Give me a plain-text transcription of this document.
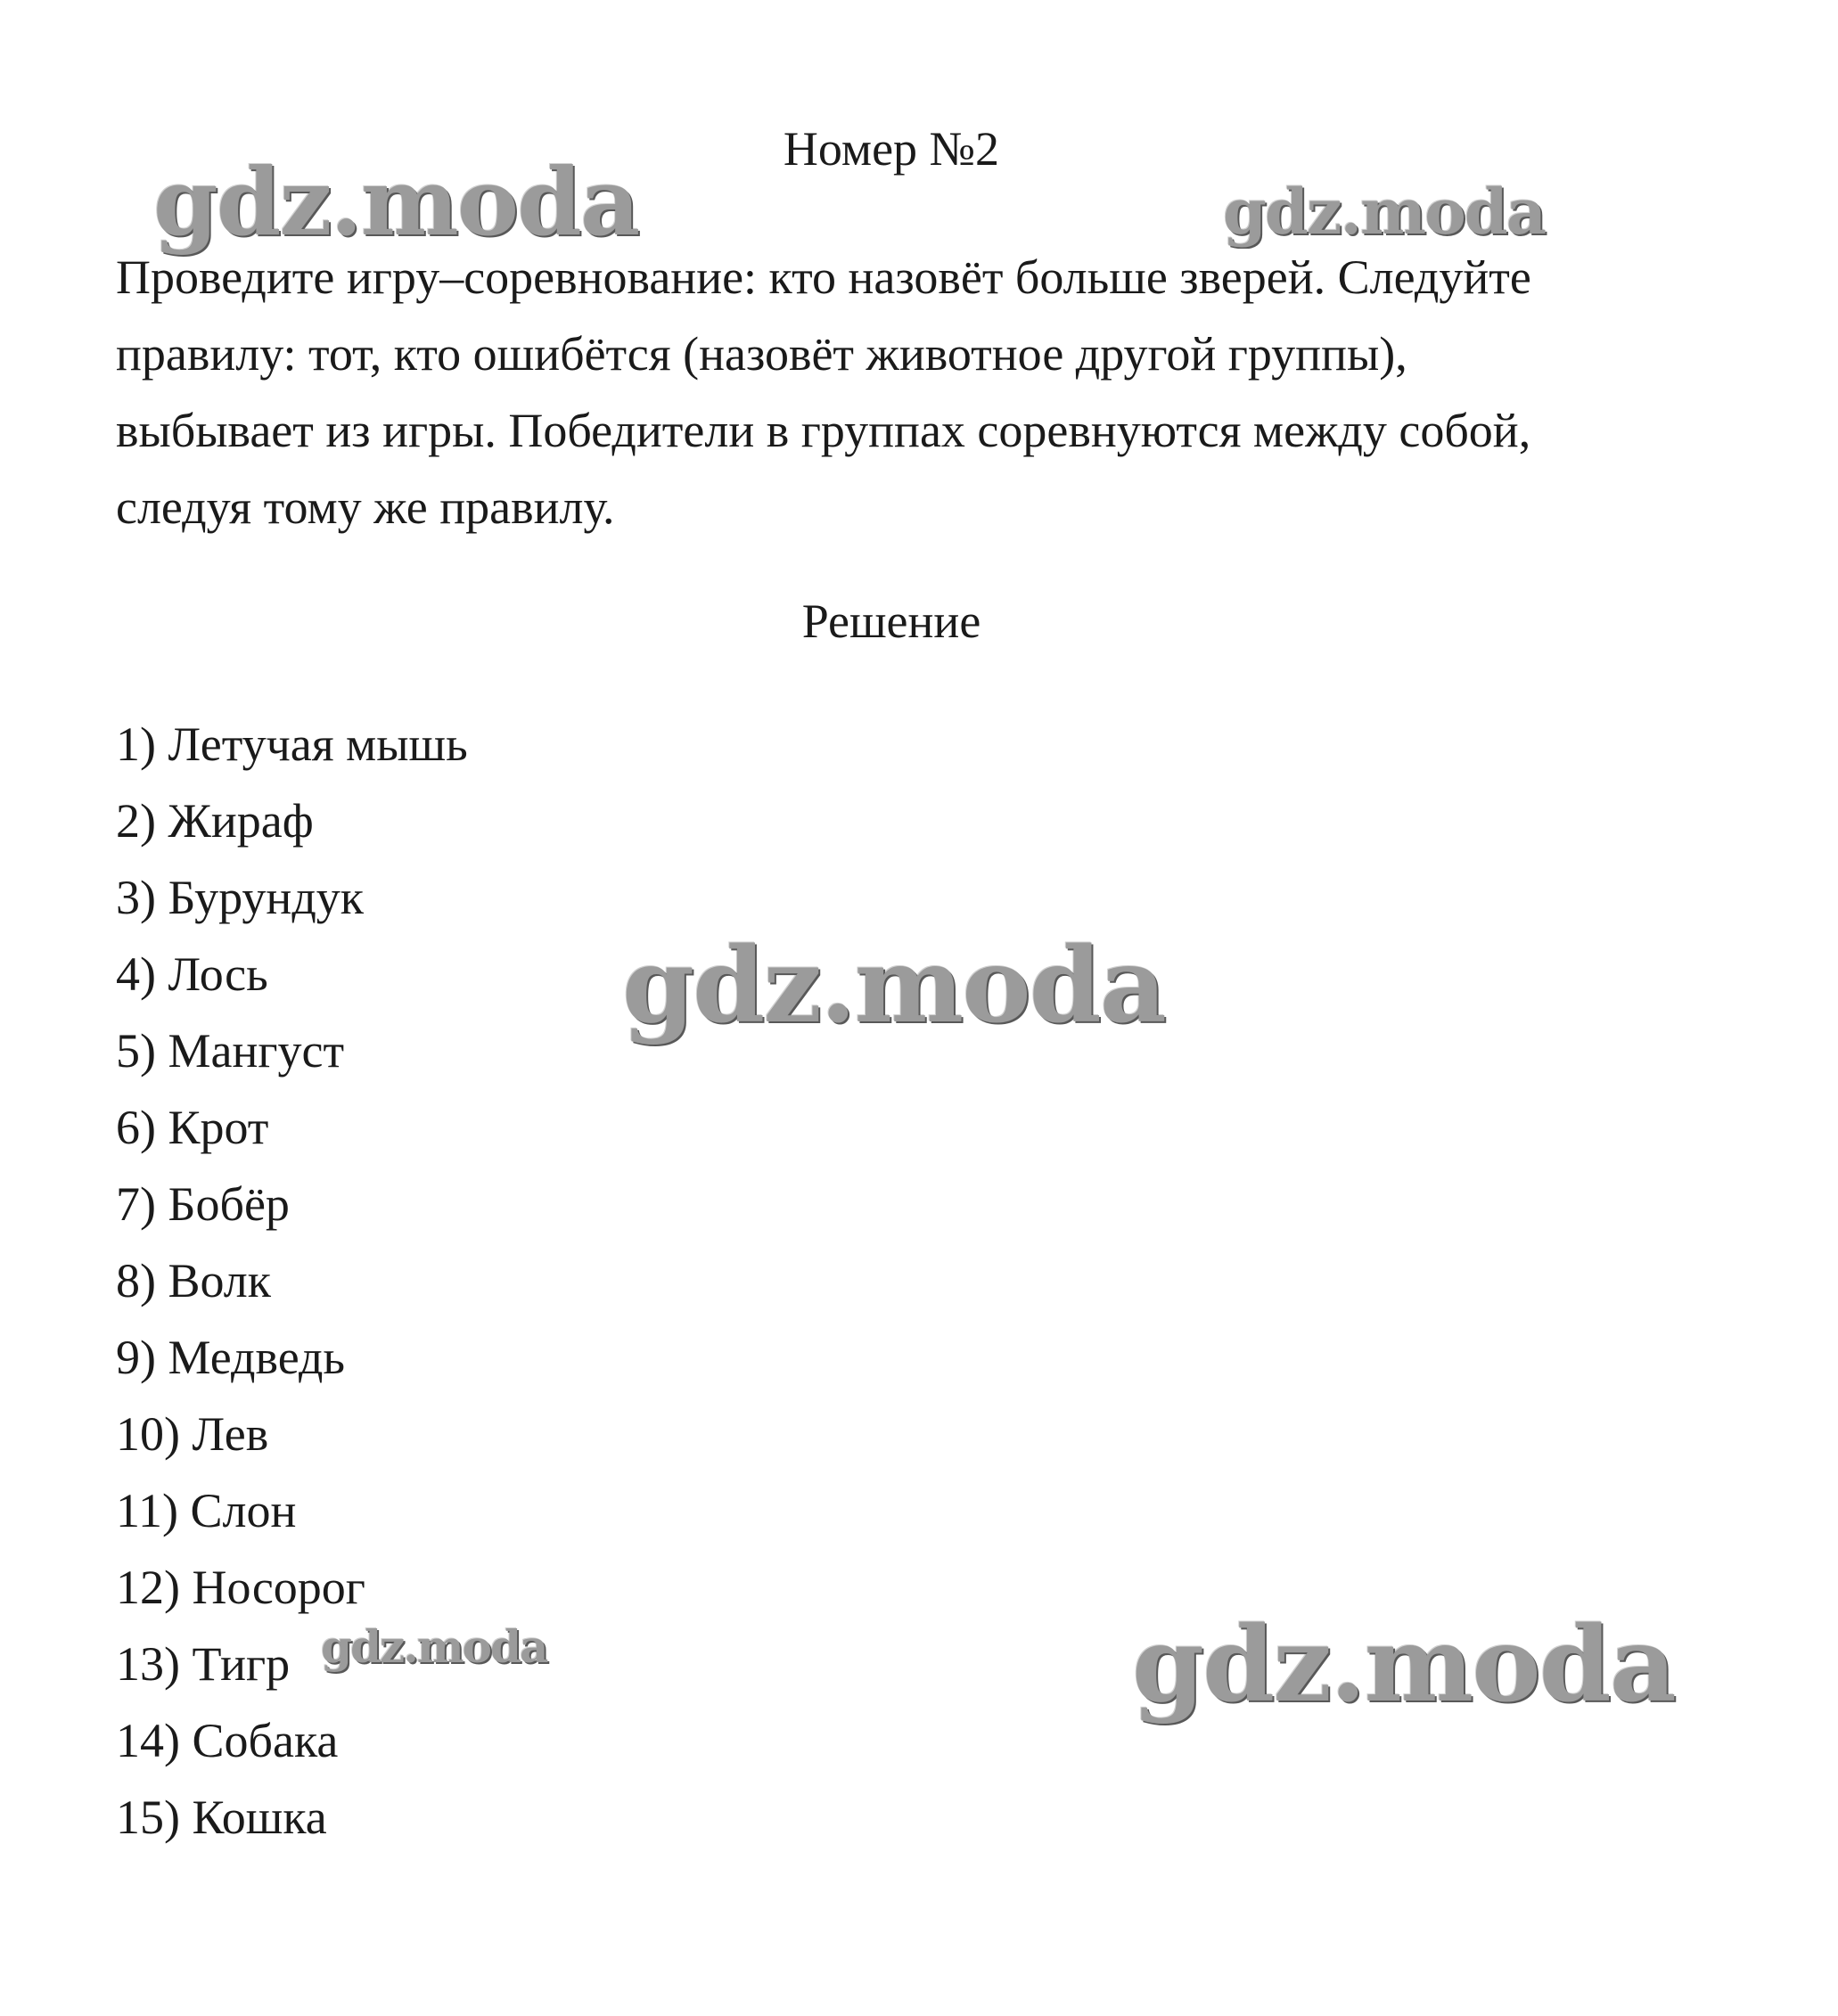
Номер №2
Проведите игру–соревнование: кто назовёт больше зверей. Следуйте
правилу: тот, кто ошибётся (назовёт животное другой группы),
выбывает из игры. Победители в группах соревнуются между собой,
следуя тому же правилу.
Решение
1) Летучая мышь
2) Жираф
3) Бурундук
4) Лось
5) Мангуст
6) Крот
7) Бобёр
8) Волк
9) Медведь
10) Лев
11) Слон
12) Носорог
13) Тигр
14) Собака
15) Кошка
gdz.moda	gdz.moda
gdz.moda
gdz.moda	gdz.moda
